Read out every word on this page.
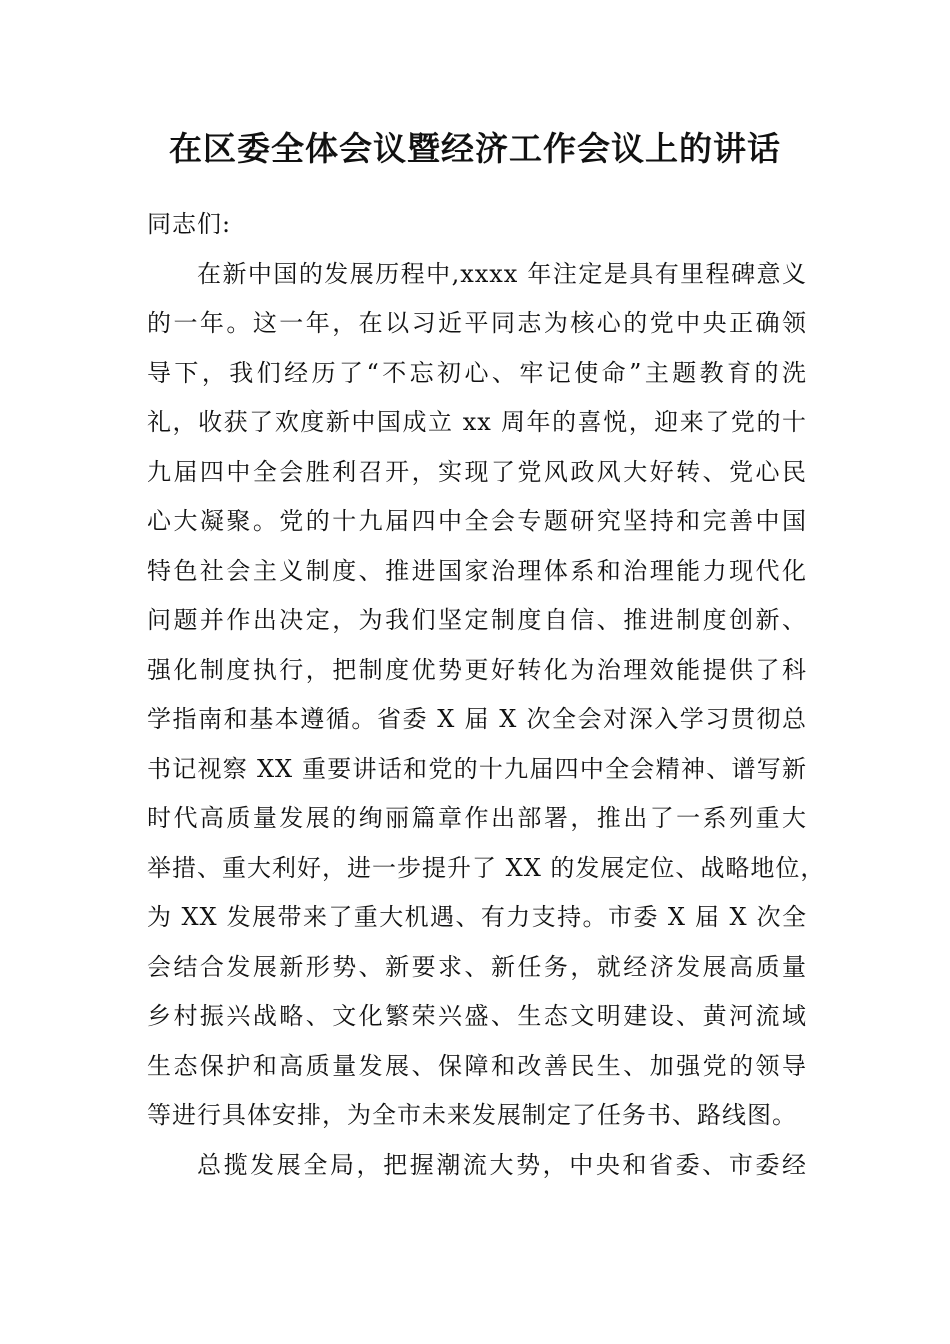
在区委全体会议暨经济工作会议上的讲话
同志们:
在新中国的发展历程中,xxxx 年注定是具有里程碑意义
的一年。这一年，在以习近平同志为核心的党中央正确领
导下，我们经历了“不忘初心、牢记使命”主题教育的洗
礼，收获了欢度新中国成立 xx 周年的喜悦，迎来了党的十
九届四中全会胜利召开，实现了党风政风大好转、党心民
心大凝聚。党的十九届四中全会专题研究坚持和完善中国
特色社会主义制度、推进国家治理体系和治理能力现代化
问题并作出决定，为我们坚定制度自信、推进制度创新、
强化制度执行，把制度优势更好转化为治理效能提供了科
学指南和基本遵循。省委 X 届 X 次全会对深入学习贯彻总
书记视察 XX 重要讲话和党的十九届四中全会精神、谱写新
时代高质量发展的绚丽篇章作出部署，推出了一系列重大
举措、重大利好，进一步提升了 XX 的发展定位、战略地位，
为 XX 发展带来了重大机遇、有力支持。市委 X 届 X 次全
会结合发展新形势、新要求、新任务，就经济发展高质量
乡村振兴战略、文化繁荣兴盛、生态文明建设、黄河流域
生态保护和高质量发展、保障和改善民生、加强党的领导
等进行具体安排，为全市未来发展制定了任务书、路线图。
总揽发展全局，把握潮流大势，中央和省委、市委经
